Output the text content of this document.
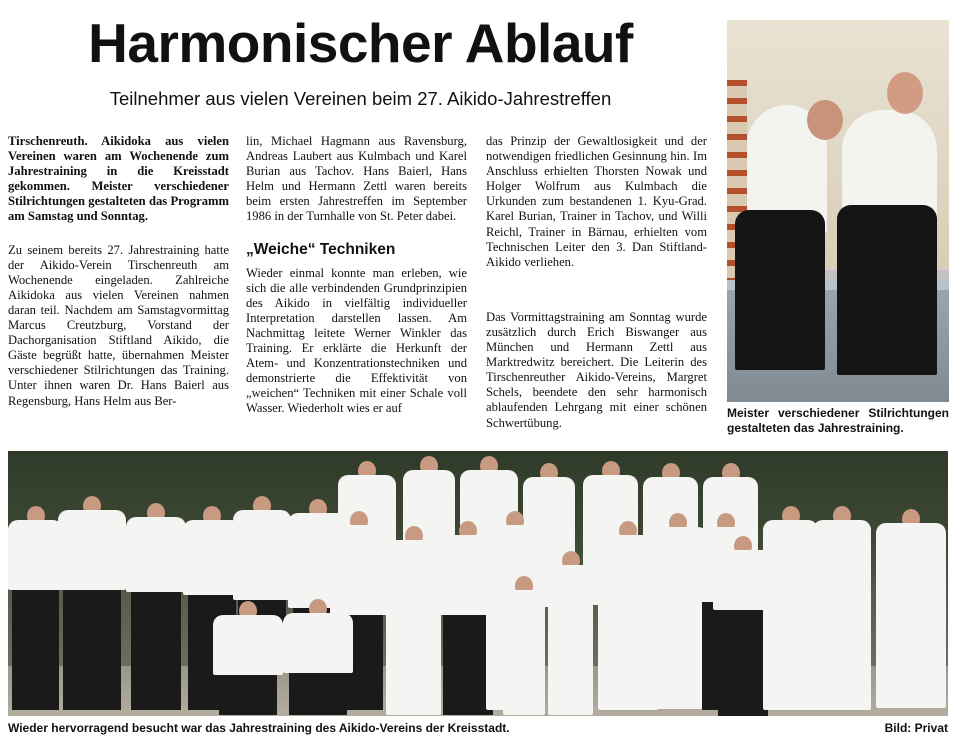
Harmonischer Ablauf

Teilnehmer aus vielen Vereinen beim 27. Aikido-Jahrestreffen

Tirschenreuth. Aikidoka aus vielen Vereinen waren am Wochenende zum Jahrestraining in die Kreisstadt gekommen. Meister verschiedener Stilrichtungen gestalteten das Programm am Samstag und Sonntag.

Zu seinem bereits 27. Jahrestraining hatte der Aikido-Verein Tirschenreuth am Wochenende eingeladen. Zahlreiche Aikidoka aus vielen Vereinen nahmen daran teil. Nachdem am Samstagvormittag Marcus Creutzburg, Vorstand der Dachorganisation Stiftland Aikido, die Gäste begrüßt hatte, übernahmen Meister verschiedener Stilrichtungen das Training. Unter ihnen waren Dr. Hans Baierl aus Regensburg, Hans Helm aus Ber-

lin, Michael Hagmann aus Ravensburg, Andreas Laubert aus Kulmbach und Karel Burian aus Tachov. Hans Baierl, Hans Helm und Hermann Zettl waren bereits beim ersten Jahrestreffen im September 1986 in der Turnhalle von St. Peter dabei.

„Weiche“ Techniken

Wieder einmal konnte man erleben, wie sich die alle verbindenden Grundprinzipien des Aikido in vielfältig individueller Interpretation darstellen lassen. Am Nachmittag leitete Werner Winkler das Training. Er erklärte die Herkunft der Atem- und Konzentrationstechniken und demonstrierte die Effektivität von „weichen“ Techniken mit einer Schale voll Wasser. Wiederholt wies er auf

das Prinzip der Gewaltlosigkeit und der notwendigen friedlichen Gesinnung hin. Im Anschluss erhielten Thorsten Nowak und Holger Wolfrum aus Kulmbach die Urkunden zum bestandenen 1. Kyu-Grad. Karel Burian, Trainer in Tachov, und Willi Reichl, Trainer in Bärnau, erhielten vom Technischen Leiter den 3. Dan Stiftland-Aikido verliehen.

Das Vormittagstraining am Sonntag wurde zusätzlich durch Erich Biswanger aus München und Hermann Zettl aus Marktredwitz bereichert. Die Leiterin des Tirschenreuther Aikido-Vereins, Margret Schels, beendete den sehr harmonisch ablaufenden Lehrgang mit einer schönen Schwertübung.

Meister verschiedener Stilrichtungen gestalteten das Jahrestraining.

Wieder hervorragend besucht war das Jahrestraining des Aikido-Vereins der Kreisstadt.	Bild: Privat
